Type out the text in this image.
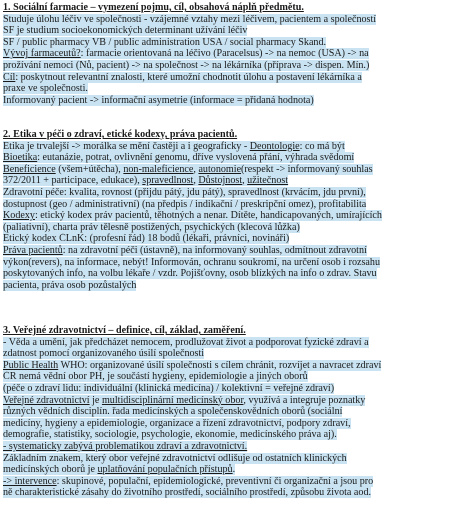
1. Sociální farmacie – vymezení pojmu, cíl, obsahová náplň předmětu.
Studuje úlohu léčiv ve společnosti - vzájemné vztahy mezi léčivem, pacientem a společností
SF je studium socioekonomických determinant užívání léčiv
SF / public pharmacy VB / public administration USA / social pharmacy Skand.
Vývoj farmaceutů?: farmacie orientovaná na léčivo (Paracelsus) -> na nemoc (USA) -> na
prožívání nemoci (Nů, pacient) -> na společnost -> na lékárníka (příprava -> dispen. Mín.)
Cíl: poskytnout relevantní znalosti, které umožní chodnotit úlohu a postavení lékárníka a
praxe ve společnosti.
Informovaný pacient -> informační asymetrie (informace = přidaná hodnota)
2. Etika v péči o zdraví, etické kodexy, práva pacientů.
Etika je trvalejší -> morálka se mění častěji a i geograficky - Deontologie: co má být
Bioetika: eutanázie, potrat, ovlivnění genomu, dříve vyslovená přání, výhrada svědomí
Beneficience (všem+útěcha), non-maleficience, autonomie(respekt -> informovaný souhlas
372/2011 + participace, edukace), spravedlnost, Důstojnost, užitečnost
Zdravotní péče: kvalita, rovnost (přijdu pátý, jdu pátý), spravedlnost (krvácím, jdu první),
dostupnost (geo / administrativní) (na předpis / indikační / preskripční omez), profitabilita
Kodexy: etický kodex práv pacientů, těhotných a nenar. Dítěte, handicapovaných, umírajících
(paliativní), charta práv tělesně postižených, psychických (klecová lůžka)
Etický kodex ČLnK: (profesní řád) 18 bodů (lékaři, právníci, novináři)
Práva pacientů: na zdravotní péči (ústavně), na informovaný souhlas, odmítnout zdravotní
výkon(revers), na informace, nebýt! Informován, ochranu soukromí, na určení osob i rozsahu
poskytovaných info, na volbu lékaře / vzdr. Pojišťovny, osob blízkých na info o zdrav. Stavu
pacienta, práva osob pozůstalých
3. Veřejné zdravotnictví – definice, cíl, základ, zaměření.
- Věda a umění, jak předcházet nemocem, prodlužovat život a podporovat fyzické zdraví a
zdatnost pomocí organizovaného úsilí společnosti
Public Health WHO: organizované úsilí společnosti s cílem chránit, rozvíjet a navracet zdraví
ČR nemá vědní obor PH, je součástí hygieny, epidemiologie a jiných oborů
(péče o zdraví lidu: individuální (klinická medicína) / kolektivní = veřejné zdraví)
Veřejné zdravotnictví je multidisciplinární medicínský obor, využívá a integruje poznatky
různých vědních disciplín. řada medicínských a společenskovědních oborů (sociální
medicíny, hygieny a epidemiologie, organizace a řízení zdravotnictví, podpory zdraví,
demografie, statistiky, sociologie, psychologie, ekonomie, medicínského práva aj).
- systematicky zabývá problematikou zdraví a zdravotnictví.
Základním znakem, který obor veřejné zdravotnictví odlišuje od ostatních klinických
medicínských oborů je uplatňování populačních přístupů.
-> intervence: skupinové, populační, epidemiologické, preventivní či organizační a jsou pro
ně charakteristické zásahy do životního prostředí, sociálního prostředí, způsobu života aod.
